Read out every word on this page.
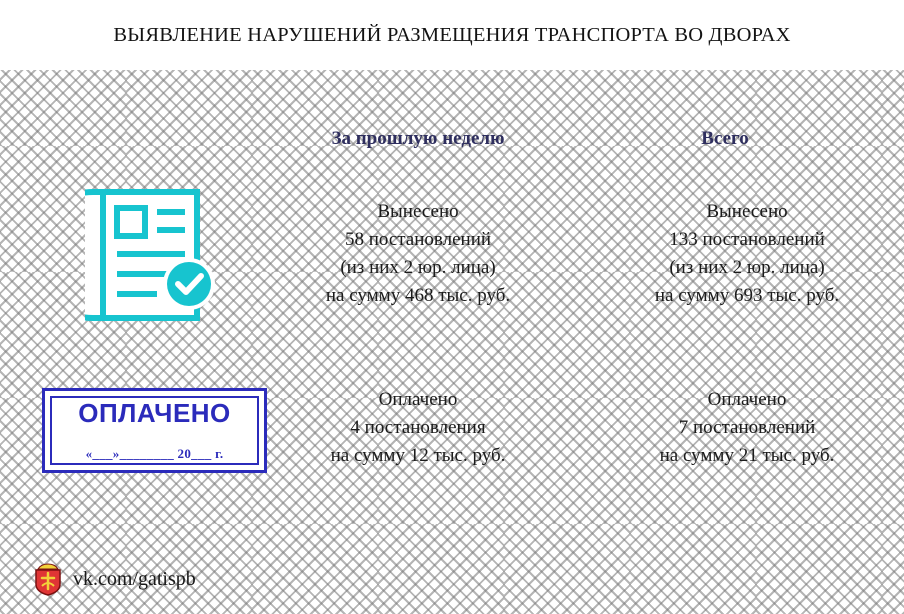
ВЫЯВЛЕНИЕ НАРУШЕНИЙ РАЗМЕЩЕНИЯ ТРАНСПОРТА ВО ДВОРАХ
За прошлую неделю	Всего
Вынесено
58 постановлений
(из них 2 юр. лица)
на сумму 468 тыс. руб.
Вынесено
133 постановлений
(из них 2 юр. лица)
на сумму 693 тыс. руб.
ОПЛАЧЕНО
«___»________ 20___ г.
Оплачено
4 постановления
на сумму 12 тыс. руб.
Оплачено
7 постановлений
на сумму 21 тыс. руб.
vk.com/gatispb
